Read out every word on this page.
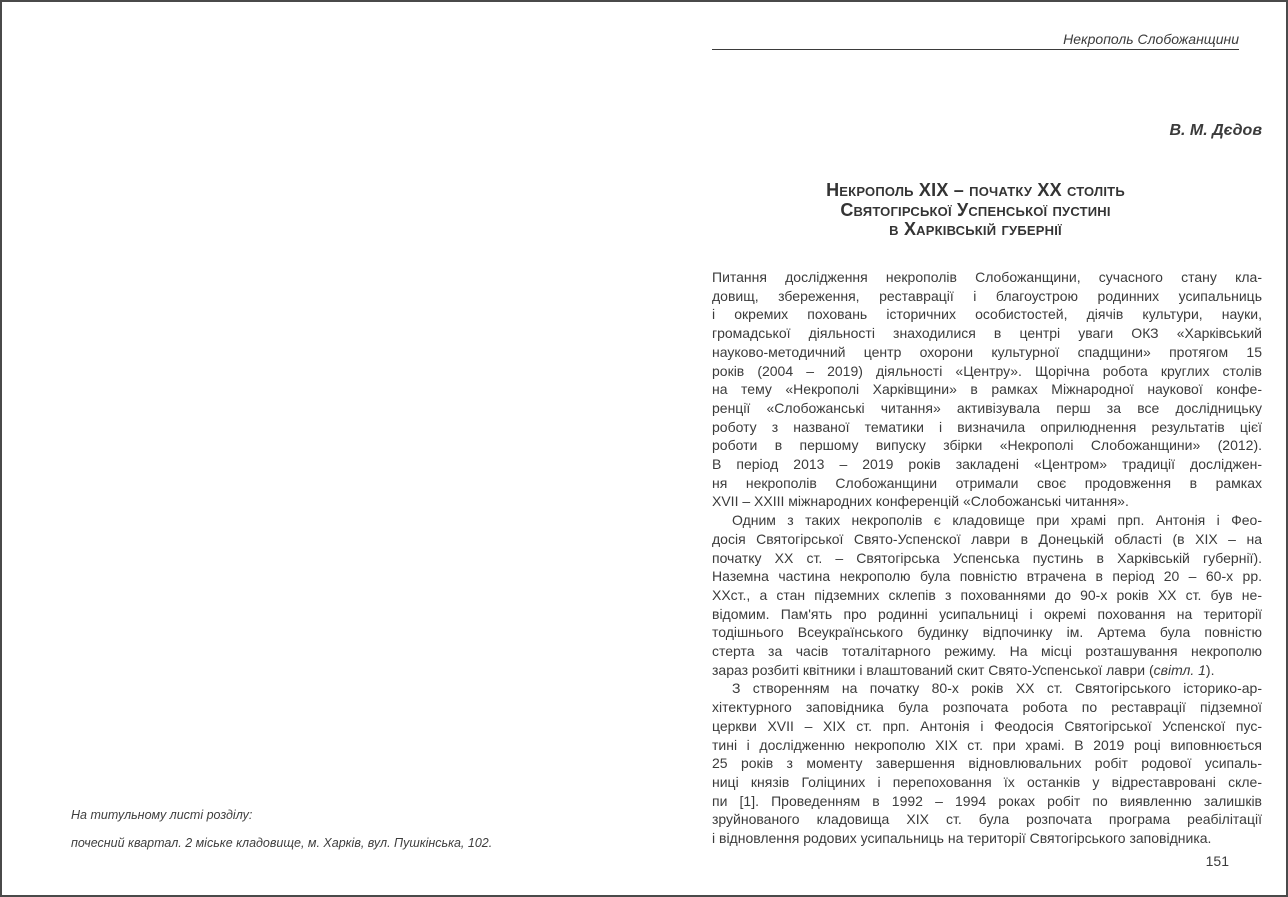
Некрополь Слобожанщини
В. М. Дєдов
Некрополь XIX – початку XX століть
Святогірської Успенської пустині
в Харківській губернії
Питання дослідження некрополів Слобожанщини, сучасного стану кла-
довищ, збереження, реставрації і благоустрою родинних усипальниць
і окремих поховань історичних особистостей, діячів культури, науки,
громадської діяльності знаходилися в центрі уваги ОКЗ «Харківський
науково-методичний центр охорони культурної спадщини» протягом 15
років (2004 – 2019) діяльності «Центру». Щорічна робота круглих столів
на тему «Некрополі Харківщини» в рамках Міжнародної наукової конфе-
ренції «Слобожанські читання» активізувала перш за все дослідницьку
роботу з названої тематики і визначила оприлюднення результатів цієї
роботи в першому випуску збірки «Некрополі Слобожанщини» (2012).
В період 2013 – 2019 років закладені «Центром» традиції досліджен-
ня некрополів Слобожанщини отримали своє продовження в рамках
XVII – XXIII міжнародних конференцій «Слобожанські читання».
Одним з таких некрополів є кладовище при храмі прп. Антонія і Фео-
досія Святогірської Свято-Успенскої лаври в Донецькій області (в XIX – на
початку XX ст. – Святогірська Успенська пустинь в Харківській губернії).
Наземна частина некрополю була повністю втрачена в період 20 – 60-х рр.
XXст., а стан підземних склепів з похованнями до 90-х років XX ст. був не-
відомим. Пам'ять про родинні усипальниці і окремі поховання на території
тодішнього Всеукраїнського будинку відпочинку ім. Артема була повністю
стерта за часів тоталітарного режиму. На місці розташування некрополю
зараз розбиті квітники і влаштований скит Свято-Успенської лаври (світл. 1).
З створенням на початку 80-х років XX ст. Святогірського історико-ар-
хітектурного заповідника була розпочата робота по реставрації підземної
церкви XVII – XIX ст. прп. Антонія і Феодосія Святогірської Успенскої пус-
тині і дослідженню некрополю XIX ст. при храмі. В 2019 році виповнюється
25 років з моменту завершення відновлювальних робіт родової усипаль-
ниці князів Голіциних і перепоховання їх останків у відреставровані скле-
пи [1]. Проведенням в 1992 – 1994 роках робіт по виявленню залишків
зруйнованого кладовища XIX ст. була розпочата програма реабілітації
і відновлення родових усипальниць на території Святогірського заповідника.
На титульному листі розділу:
почесний квартал. 2 міське кладовище, м. Харків, вул. Пушкінська, 102.
151
